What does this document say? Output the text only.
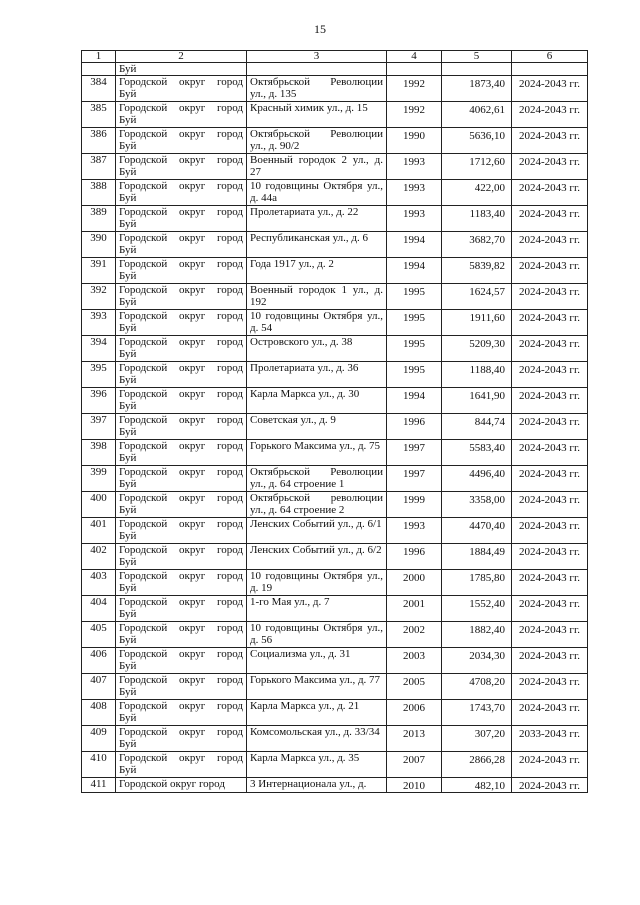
15
1	2	3	4	5	6
	Буй				
384	Городской округ город Буй	Октябрьской Революции ул., д. 135	1992	1873,40	2024-2043 гг.
385	Городской округ город Буй	Красный химик ул., д. 15	1992	4062,61	2024-2043 гг.
386	Городской округ город Буй	Октябрьской Революции ул., д. 90/2	1990	5636,10	2024-2043 гг.
387	Городской округ город Буй	Военный городок 2 ул., д. 27	1993	1712,60	2024-2043 гг.
388	Городской округ город Буй	10 годовщины Октября ул., д. 44а	1993	422,00	2024-2043 гг.
389	Городской округ город Буй	Пролетариата ул., д. 22	1993	1183,40	2024-2043 гг.
390	Городской округ город Буй	Республиканская ул., д. 6	1994	3682,70	2024-2043 гг.
391	Городской округ город Буй	Года 1917 ул., д. 2	1994	5839,82	2024-2043 гг.
392	Городской округ город Буй	Военный городок 1 ул., д. 192	1995	1624,57	2024-2043 гг.
393	Городской округ город Буй	10 годовщины Октября ул., д. 54	1995	1911,60	2024-2043 гг.
394	Городской округ город Буй	Островского ул., д. 38	1995	5209,30	2024-2043 гг.
395	Городской округ город Буй	Пролетариата ул., д. 36	1995	1188,40	2024-2043 гг.
396	Городской округ город Буй	Карла Маркса ул., д. 30	1994	1641,90	2024-2043 гг.
397	Городской округ город Буй	Советская ул., д. 9	1996	844,74	2024-2043 гг.
398	Городской округ город Буй	Горького Максима ул., д. 75	1997	5583,40	2024-2043 гг.
399	Городской округ город Буй	Октябрьской Революции ул., д. 64 строение 1	1997	4496,40	2024-2043 гг.
400	Городской округ город Буй	Октябрьской революции ул., д. 64 строение 2	1999	3358,00	2024-2043 гг.
401	Городской округ город Буй	Ленских Событий ул., д. 6/1	1993	4470,40	2024-2043 гг.
402	Городской округ город Буй	Ленских Событий ул., д. 6/2	1996	1884,49	2024-2043 гг.
403	Городской округ город Буй	10 годовщины Октября ул., д. 19	2000	1785,80	2024-2043 гг.
404	Городской округ город Буй	1-го Мая ул., д. 7	2001	1552,40	2024-2043 гг.
405	Городской округ город Буй	10 годовщины Октября ул., д. 56	2002	1882,40	2024-2043 гг.
406	Городской округ город Буй	Социализма ул., д. 31	2003	2034,30	2024-2043 гг.
407	Городской округ город Буй	Горького Максима ул., д. 77	2005	4708,20	2024-2043 гг.
408	Городской округ город Буй	Карла Маркса ул., д. 21	2006	1743,70	2024-2043 гг.
409	Городской округ город Буй	Комсомольская ул., д. 33/34	2013	307,20	2033-2043 гг.
410	Городской округ город Буй	Карла Маркса ул., д. 35	2007	2866,28	2024-2043 гг.
411	Городской округ город	3 Интернационала ул., д.	2010	482,10	2024-2043 гг.
